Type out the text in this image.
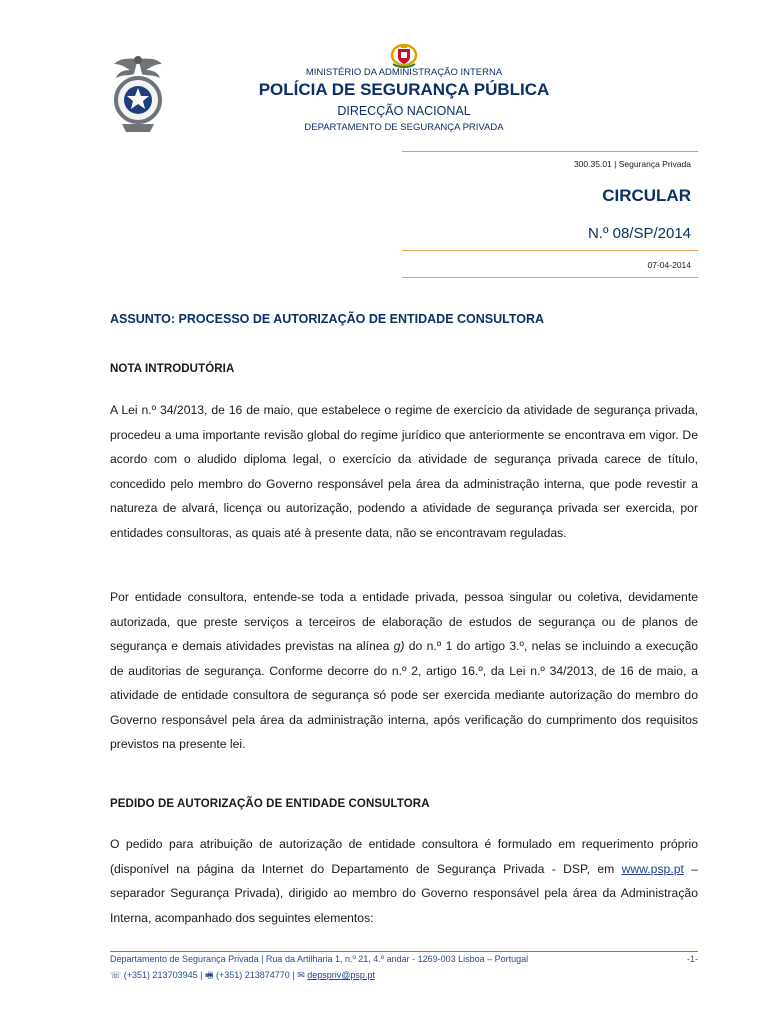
MINISTÉRIO DA ADMINISTRAÇÃO INTERNA
POLÍCIA DE SEGURANÇA PÚBLICA
DIRECÇÃO NACIONAL
DEPARTAMENTO DE SEGURANÇA PRIVADA
300.35.01 | Segurança Privada
CIRCULAR
N.º 08/SP/2014
07-04-2014
ASSUNTO: PROCESSO DE AUTORIZAÇÃO DE ENTIDADE CONSULTORA
NOTA INTRODUTÓRIA
A Lei n.º 34/2013, de 16 de maio, que estabelece o regime de exercício da atividade de segurança privada, procedeu a uma importante revisão global do regime jurídico que anteriormente se encontrava em vigor. De acordo com o aludido diploma legal, o exercício da atividade de segurança privada carece de título, concedido pelo membro do Governo responsável pela área da administração interna, que pode revestir a natureza de alvará, licença ou autorização, podendo a atividade de segurança privada ser exercida, por entidades consultoras, as quais até à presente data, não se encontravam reguladas.
Por entidade consultora, entende-se toda a entidade privada, pessoa singular ou coletiva, devidamente autorizada, que preste serviços a terceiros de elaboração de estudos de segurança ou de planos de segurança e demais atividades previstas na alínea g) do n.º 1 do artigo 3.º, nelas se incluindo a execução de auditorias de segurança. Conforme decorre do n.º 2, artigo 16.º, da Lei n.º 34/2013, de 16 de maio, a atividade de entidade consultora de segurança só pode ser exercida mediante autorização do membro do Governo responsável pela área da administração interna, após verificação do cumprimento dos requisitos previstos na presente lei.
PEDIDO DE AUTORIZAÇÃO DE ENTIDADE CONSULTORA
O pedido para atribuição de autorização de entidade consultora é formulado em requerimento próprio (disponível na página da Internet do Departamento de Segurança Privada - DSP, em www.psp.pt – separador Segurança Privada), dirigido ao membro do Governo responsável pela área da Administração Interna, acompanhado dos seguintes elementos:
Departamento de Segurança Privada | Rua da Artilharia 1, n.º 21, 4.º andar - 1269-003 Lisboa – Portugal	-1-
☏ (+351) 213703945 | 🖷 (+351) 213874770 | ✉ depspriv@psp.pt
